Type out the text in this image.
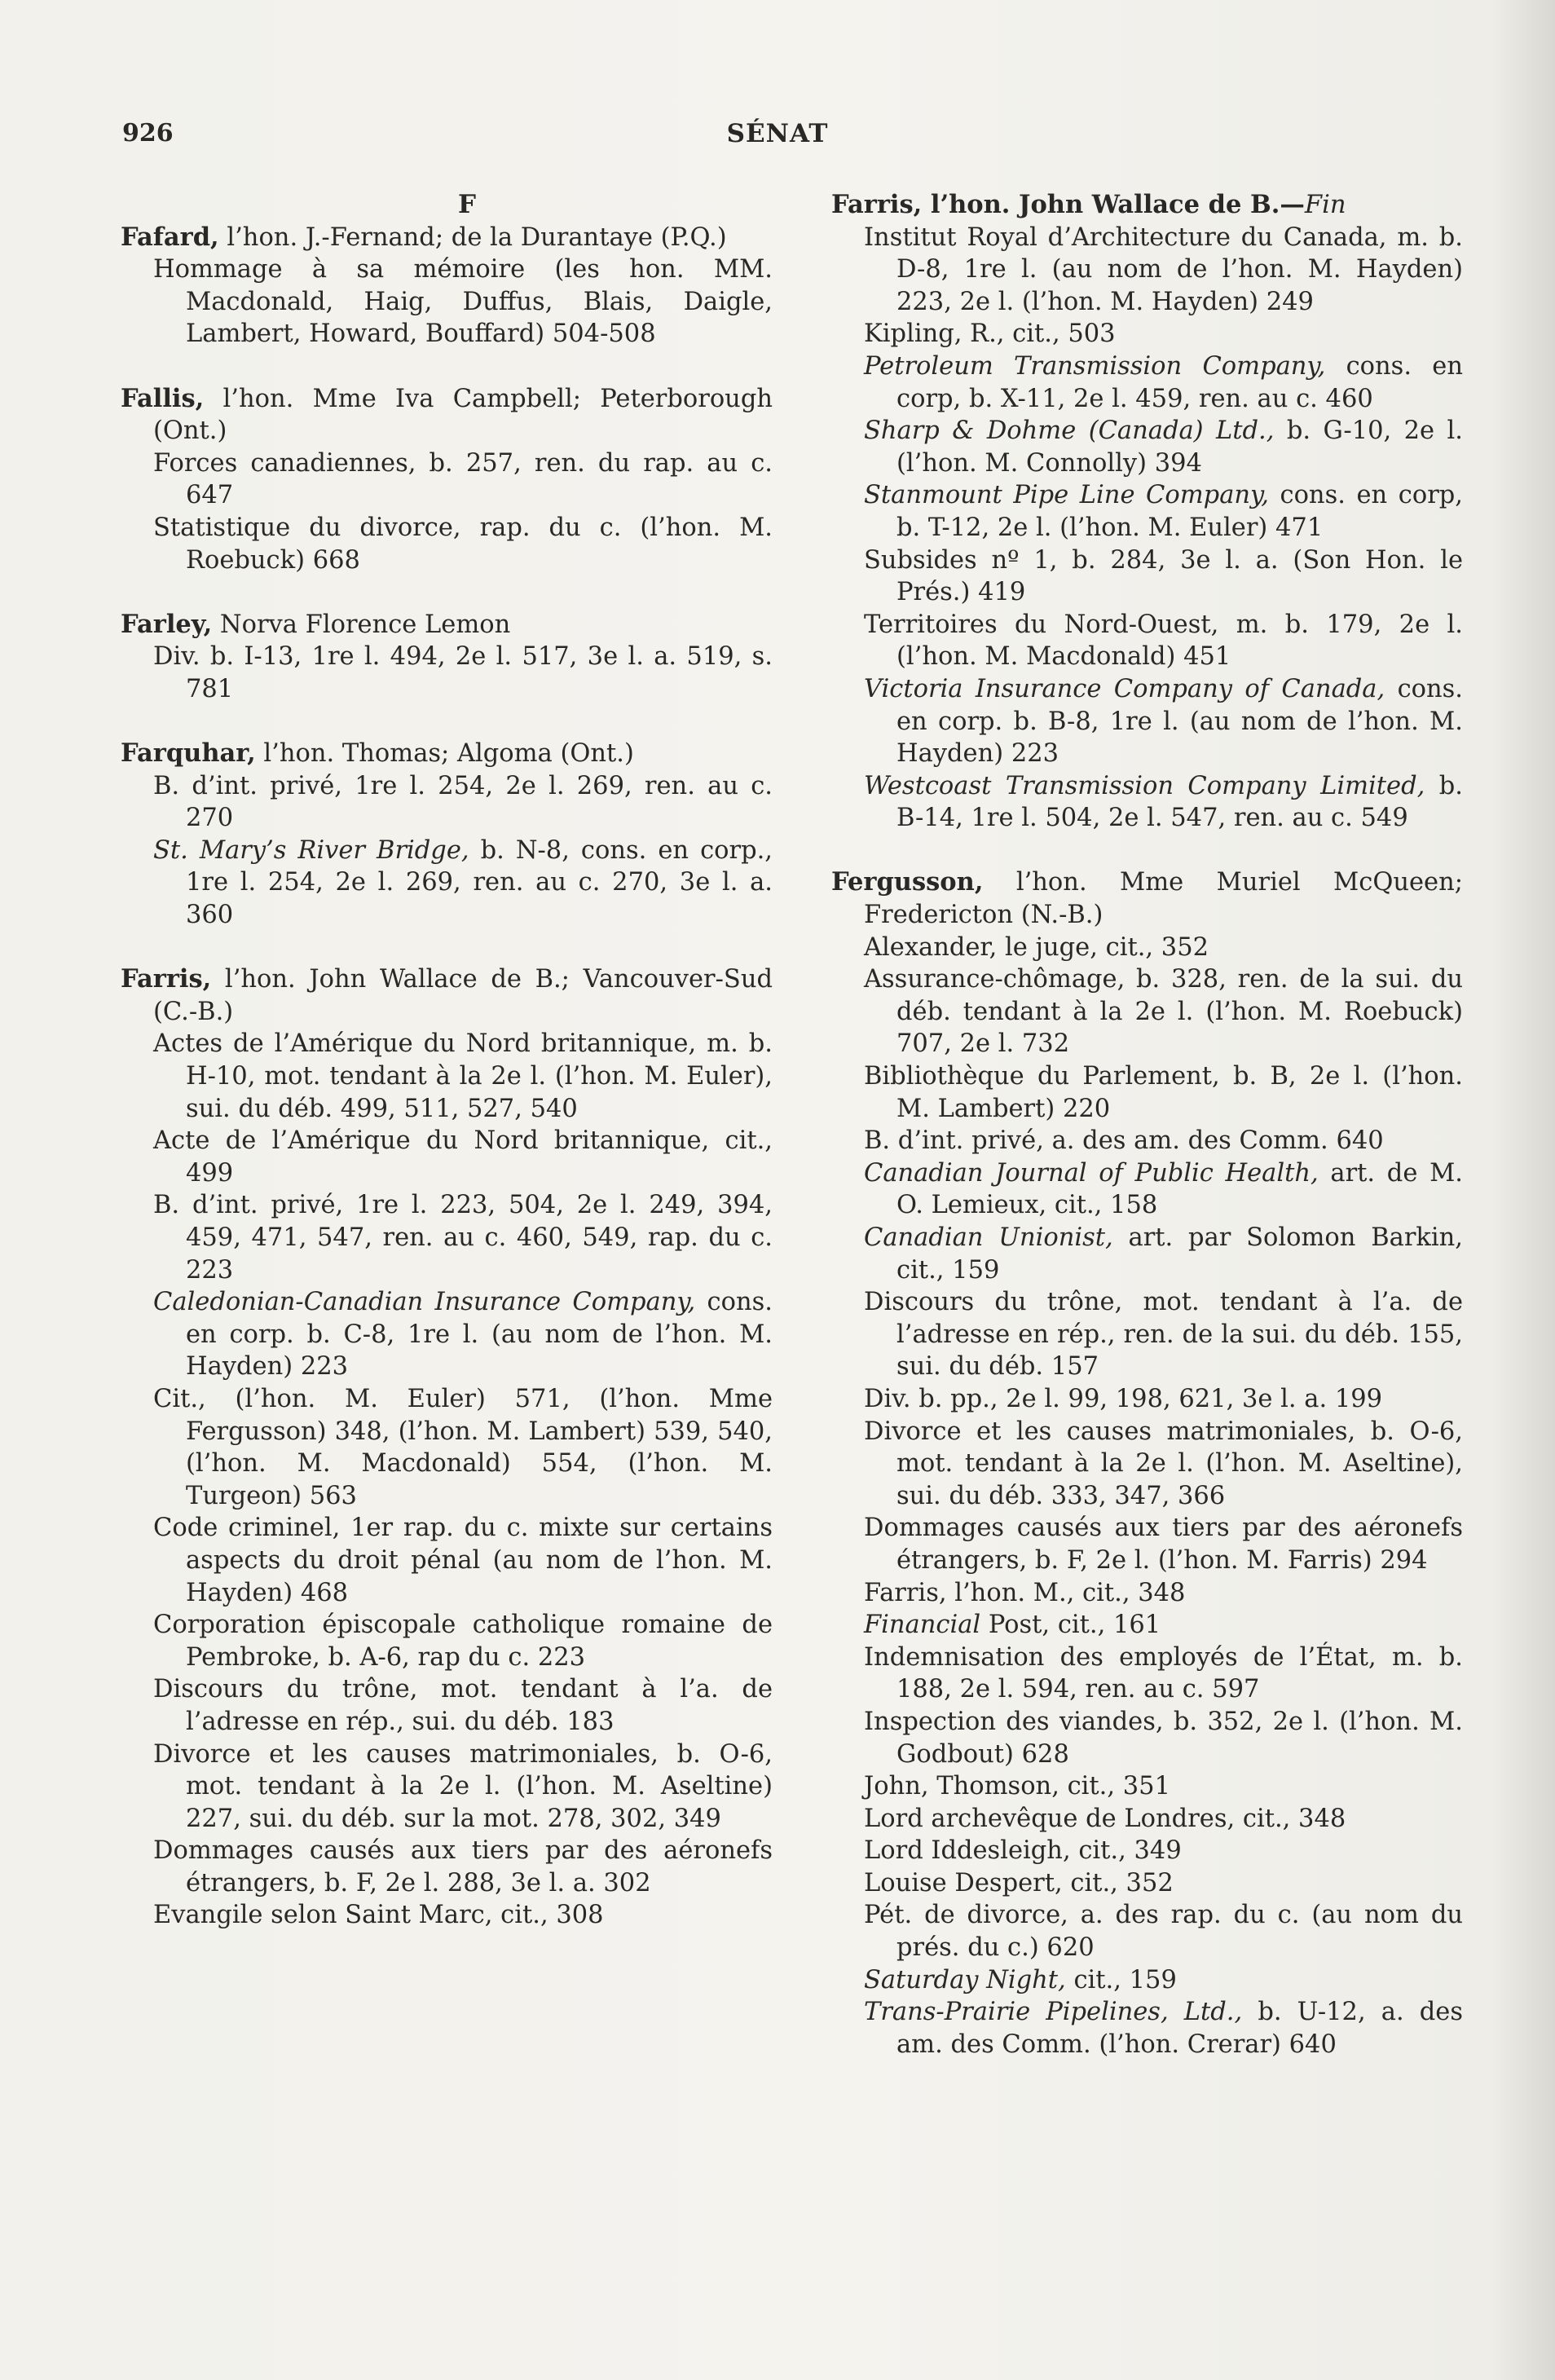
926	SÉNAT
F
Fafard, l’hon. J.-Fernand; de la Durantaye (P.Q.)
Hommage à sa mémoire (les hon. MM. Macdonald, Haig, Duffus, Blais, Daigle, Lambert, Howard, Bouffard) 504-508
Fallis, l’hon. Mme Iva Campbell; Peterborough (Ont.)
Forces canadiennes, b. 257, ren. du rap. au c. 647
Statistique du divorce, rap. du c. (l’hon. M. Roebuck) 668
Farley, Norva Florence Lemon
Div. b. I-13, 1re l. 494, 2e l. 517, 3e l. a. 519, s. 781
Farquhar, l’hon. Thomas; Algoma (Ont.)
B. d’int. privé, 1re l. 254, 2e l. 269, ren. au c. 270
St. Mary’s River Bridge, b. N-8, cons. en corp., 1re l. 254, 2e l. 269, ren. au c. 270, 3e l. a. 360
Farris, l’hon. John Wallace de B.; Vancouver-Sud (C.-B.)
Actes de l’Amérique du Nord britannique, m. b. H-10, mot. tendant à la 2e l. (l’hon. M. Euler), sui. du déb. 499, 511, 527, 540
Acte de l’Amérique du Nord britannique, cit., 499
B. d’int. privé, 1re l. 223, 504, 2e l. 249, 394, 459, 471, 547, ren. au c. 460, 549, rap. du c. 223
Caledonian-Canadian Insurance Company, cons. en corp. b. C-8, 1re l. (au nom de l’hon. M. Hayden) 223
Cit., (l’hon. M. Euler) 571, (l’hon. Mme Fergusson) 348, (l’hon. M. Lambert) 539, 540, (l’hon. M. Macdonald) 554, (l’hon. M. Turgeon) 563
Code criminel, 1er rap. du c. mixte sur certains aspects du droit pénal (au nom de l’hon. M. Hayden) 468
Corporation épiscopale catholique romaine de Pembroke, b. A-6, rap du c. 223
Discours du trône, mot. tendant à l’a. de l’adresse en rép., sui. du déb. 183
Divorce et les causes matrimoniales, b. O-6, mot. tendant à la 2e l. (l’hon. M. Aseltine) 227, sui. du déb. sur la mot. 278, 302, 349
Dommages causés aux tiers par des aéronefs étrangers, b. F, 2e l. 288, 3e l. a. 302
Evangile selon Saint Marc, cit., 308
Farris, l’hon. John Wallace de B.—Fin
Institut Royal d’Architecture du Canada, m. b. D-8, 1re l. (au nom de l’hon. M. Hayden) 223, 2e l. (l’hon. M. Hayden) 249
Kipling, R., cit., 503
Petroleum Transmission Company, cons. en corp, b. X-11, 2e l. 459, ren. au c. 460
Sharp & Dohme (Canada) Ltd., b. G-10, 2e l. (l’hon. M. Connolly) 394
Stanmount Pipe Line Company, cons. en corp, b. T-12, 2e l. (l’hon. M. Euler) 471
Subsides nº 1, b. 284, 3e l. a. (Son Hon. le Prés.) 419
Territoires du Nord-Ouest, m. b. 179, 2e l. (l’hon. M. Macdonald) 451
Victoria Insurance Company of Canada, cons. en corp. b. B-8, 1re l. (au nom de l’hon. M. Hayden) 223
Westcoast Transmission Company Limited, b. B-14, 1re l. 504, 2e l. 547, ren. au c. 549
Fergusson, l’hon. Mme Muriel McQueen; Fredericton (N.-B.)
Alexander, le juge, cit., 352
Assurance-chômage, b. 328, ren. de la sui. du déb. tendant à la 2e l. (l’hon. M. Roebuck) 707, 2e l. 732
Bibliothèque du Parlement, b. B, 2e l. (l’hon. M. Lambert) 220
B. d’int. privé, a. des am. des Comm. 640
Canadian Journal of Public Health, art. de M. O. Lemieux, cit., 158
Canadian Unionist, art. par Solomon Barkin, cit., 159
Discours du trône, mot. tendant à l’a. de l’adresse en rép., ren. de la sui. du déb. 155, sui. du déb. 157
Div. b. pp., 2e l. 99, 198, 621, 3e l. a. 199
Divorce et les causes matrimoniales, b. O-6, mot. tendant à la 2e l. (l’hon. M. Aseltine), sui. du déb. 333, 347, 366
Dommages causés aux tiers par des aéronefs étrangers, b. F, 2e l. (l’hon. M. Farris) 294
Farris, l’hon. M., cit., 348
Financial Post, cit., 161
Indemnisation des employés de l’État, m. b. 188, 2e l. 594, ren. au c. 597
Inspection des viandes, b. 352, 2e l. (l’hon. M. Godbout) 628
John, Thomson, cit., 351
Lord archevêque de Londres, cit., 348
Lord Iddesleigh, cit., 349
Louise Despert, cit., 352
Pét. de divorce, a. des rap. du c. (au nom du prés. du c.) 620
Saturday Night, cit., 159
Trans-Prairie Pipelines, Ltd., b. U-12, a. des am. des Comm. (l’hon. Crerar) 640
